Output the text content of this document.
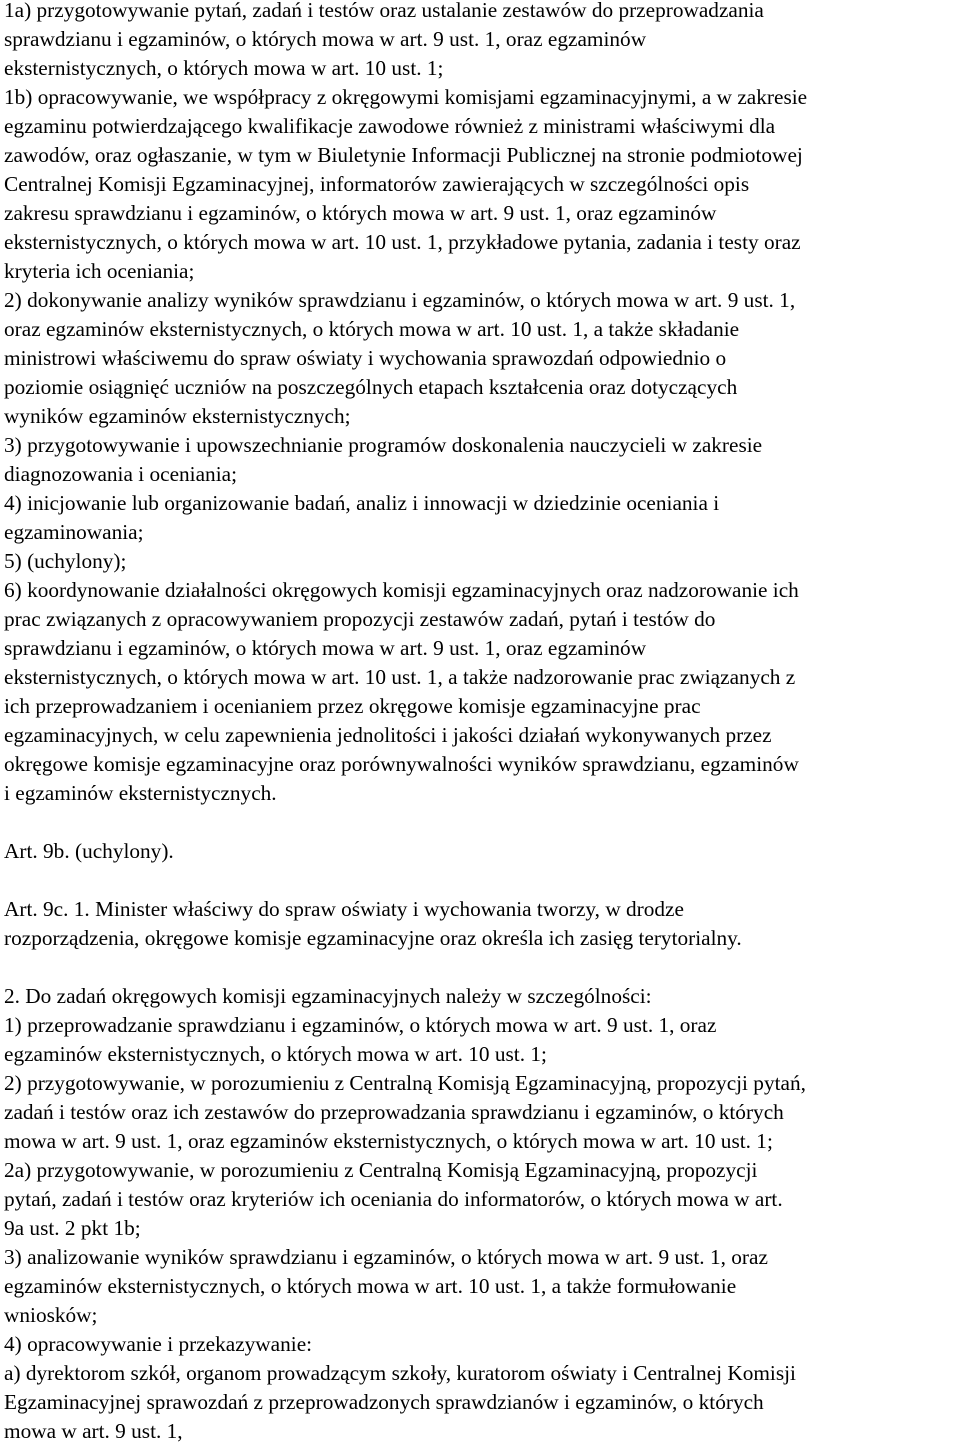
1a) przygotowywanie pytań, zadań i testów oraz ustalanie zestawów do przeprowadzania

sprawdzianu i egzaminów, o których mowa w art. 9 ust. 1, oraz egzaminów

eksternistycznych, o których mowa w art. 10 ust. 1;

1b) opracowywanie, we współpracy z okręgowymi komisjami egzaminacyjnymi, a w zakresie

egzaminu potwierdzającego kwalifikacje zawodowe również z ministrami właściwymi dla

zawodów, oraz ogłaszanie, w tym w Biuletynie Informacji Publicznej na stronie podmiotowej

Centralnej Komisji Egzaminacyjnej, informatorów zawierających w szczególności opis

zakresu sprawdzianu i egzaminów, o których mowa w art. 9 ust. 1, oraz egzaminów

eksternistycznych, o których mowa w art. 10 ust. 1, przykładowe pytania, zadania i testy oraz

kryteria ich oceniania;

2) dokonywanie analizy wyników sprawdzianu i egzaminów, o których mowa w art. 9 ust. 1,

oraz egzaminów eksternistycznych, o których mowa w art. 10 ust. 1, a także składanie

ministrowi właściwemu do spraw oświaty i wychowania sprawozdań odpowiednio o

poziomie osiągnięć uczniów na poszczególnych etapach kształcenia oraz dotyczących

wyników egzaminów eksternistycznych;

3) przygotowywanie i upowszechnianie programów doskonalenia nauczycieli w zakresie

diagnozowania i oceniania;

4) inicjowanie lub organizowanie badań, analiz i innowacji w dziedzinie oceniania i

egzaminowania;

5) (uchylony);

6) koordynowanie działalności okręgowych komisji egzaminacyjnych oraz nadzorowanie ich

prac związanych z opracowywaniem propozycji zestawów zadań, pytań i testów do

sprawdzianu i egzaminów, o których mowa w art. 9 ust. 1, oraz egzaminów

eksternistycznych, o których mowa w art. 10 ust. 1, a także nadzorowanie prac związanych z

ich przeprowadzaniem i ocenianiem przez okręgowe komisje egzaminacyjne prac

egzaminacyjnych, w celu zapewnienia jednolitości i jakości działań wykonywanych przez

okręgowe komisje egzaminacyjne oraz porównywalności wyników sprawdzianu, egzaminów

i egzaminów eksternistycznych.

Art. 9b. (uchylony).

Art. 9c. 1. Minister właściwy do spraw oświaty i wychowania tworzy, w drodze

rozporządzenia, okręgowe komisje egzaminacyjne oraz określa ich zasięg terytorialny.

2. Do zadań okręgowych komisji egzaminacyjnych należy w szczególności:

1) przeprowadzanie sprawdzianu i egzaminów, o których mowa w art. 9 ust. 1, oraz

egzaminów eksternistycznych, o których mowa w art. 10 ust. 1;

2) przygotowywanie, w porozumieniu z Centralną Komisją Egzaminacyjną, propozycji pytań,

zadań i testów oraz ich zestawów do przeprowadzania sprawdzianu i egzaminów, o których

mowa w art. 9 ust. 1, oraz egzaminów eksternistycznych, o których mowa w art. 10 ust. 1;

2a) przygotowywanie, w porozumieniu z Centralną Komisją Egzaminacyjną, propozycji

pytań, zadań i testów oraz kryteriów ich oceniania do informatorów, o których mowa w art.

9a ust. 2 pkt 1b;

3) analizowanie wyników sprawdzianu i egzaminów, o których mowa w art. 9 ust. 1, oraz

egzaminów eksternistycznych, o których mowa w art. 10 ust. 1, a także formułowanie

wniosków;

4) opracowywanie i przekazywanie:

a) dyrektorom szkół, organom prowadzącym szkoły, kuratorom oświaty i Centralnej Komisji

Egzaminacyjnej sprawozdań z przeprowadzonych sprawdzianów i egzaminów, o których

mowa w art. 9 ust. 1,
